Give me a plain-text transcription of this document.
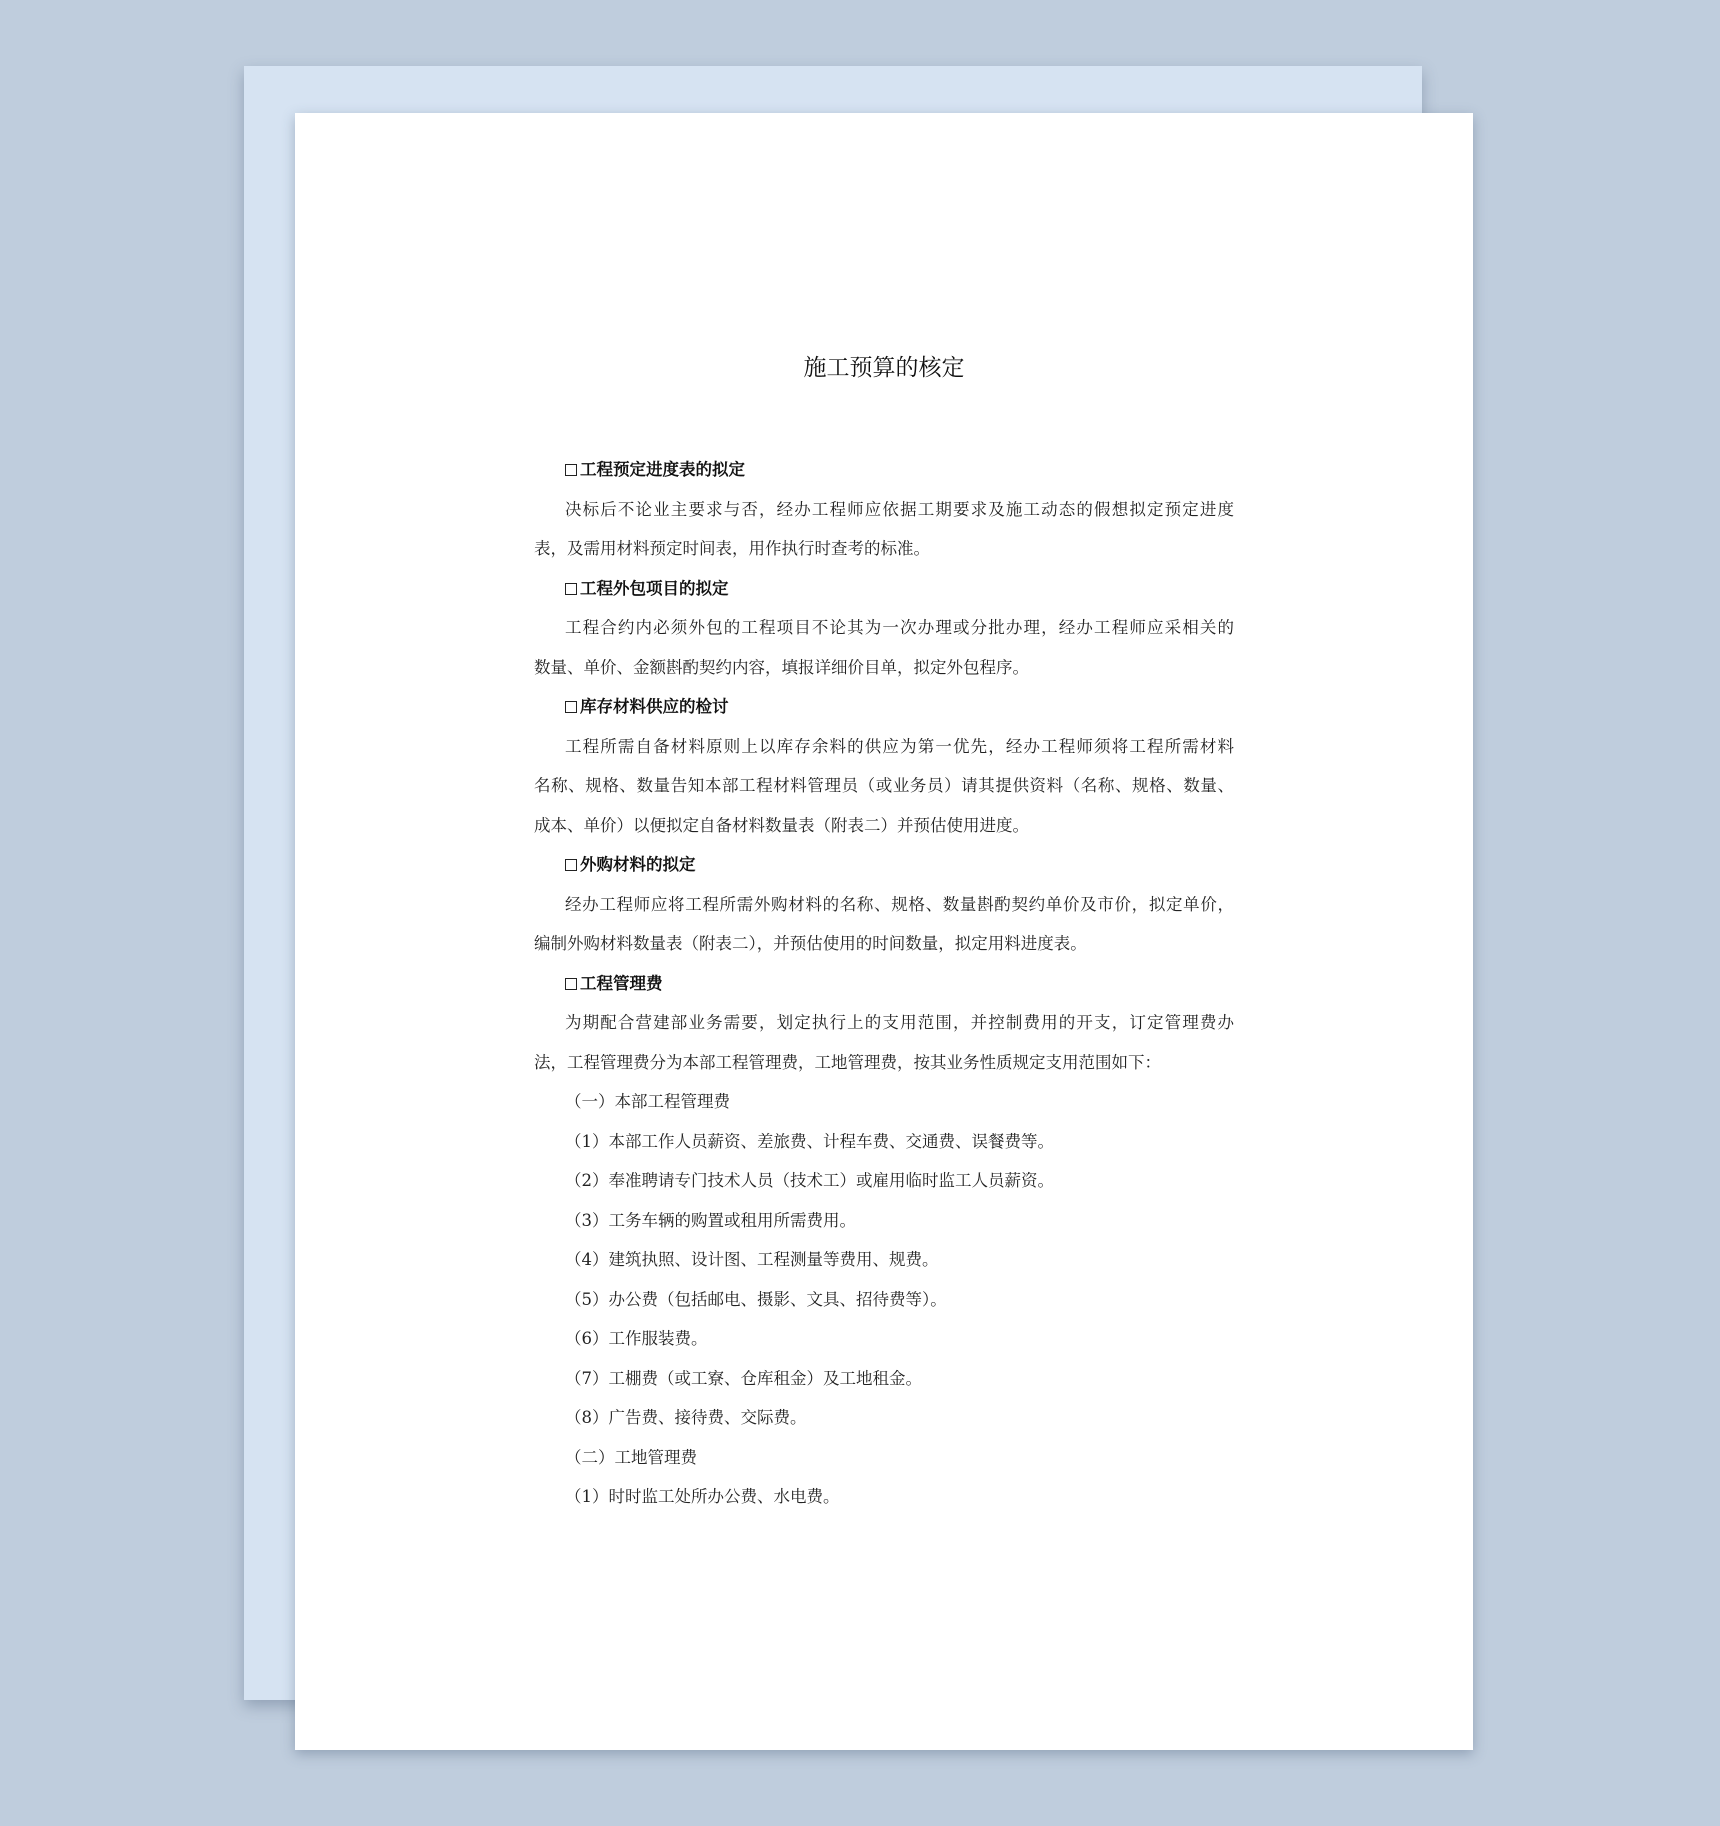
施工预算的核定
工程预定进度表的拟定
决标后不论业主要求与否，经办工程师应依据工期要求及施工动态的假想拟定预定进度
表，及需用材料预定时间表，用作执行时查考的标准。
工程外包项目的拟定
工程合约内必须外包的工程项目不论其为一次办理或分批办理，经办工程师应采相关的
数量、单价、金额斟酌契约内容，填报详细价目单，拟定外包程序。
库存材料供应的检讨
工程所需自备材料原则上以库存余料的供应为第一优先，经办工程师须将工程所需材料
名称、规格、数量告知本部工程材料管理员（或业务员）请其提供资料（名称、规格、数量、
成本、单价）以便拟定自备材料数量表（附表二）并预估使用进度。
外购材料的拟定
经办工程师应将工程所需外购材料的名称、规格、数量斟酌契约单价及市价，拟定单价，
编制外购材料数量表（附表二），并预估使用的时间数量，拟定用料进度表。
工程管理费
为期配合营建部业务需要，划定执行上的支用范围，并控制费用的开支，订定管理费办
法，工程管理费分为本部工程管理费，工地管理费，按其业务性质规定支用范围如下：
（一）本部工程管理费
（1）本部工作人员薪资、差旅费、计程车费、交通费、误餐费等。
（2）奉准聘请专门技术人员（技术工）或雇用临时监工人员薪资。
（3）工务车辆的购置或租用所需费用。
（4）建筑执照、设计图、工程测量等费用、规费。
（5）办公费（包括邮电、摄影、文具、招待费等）。
（6）工作服装费。
（7）工棚费（或工寮、仓库租金）及工地租金。
（8）广告费、接待费、交际费。
（二）工地管理费
（1）时时监工处所办公费、水电费。
